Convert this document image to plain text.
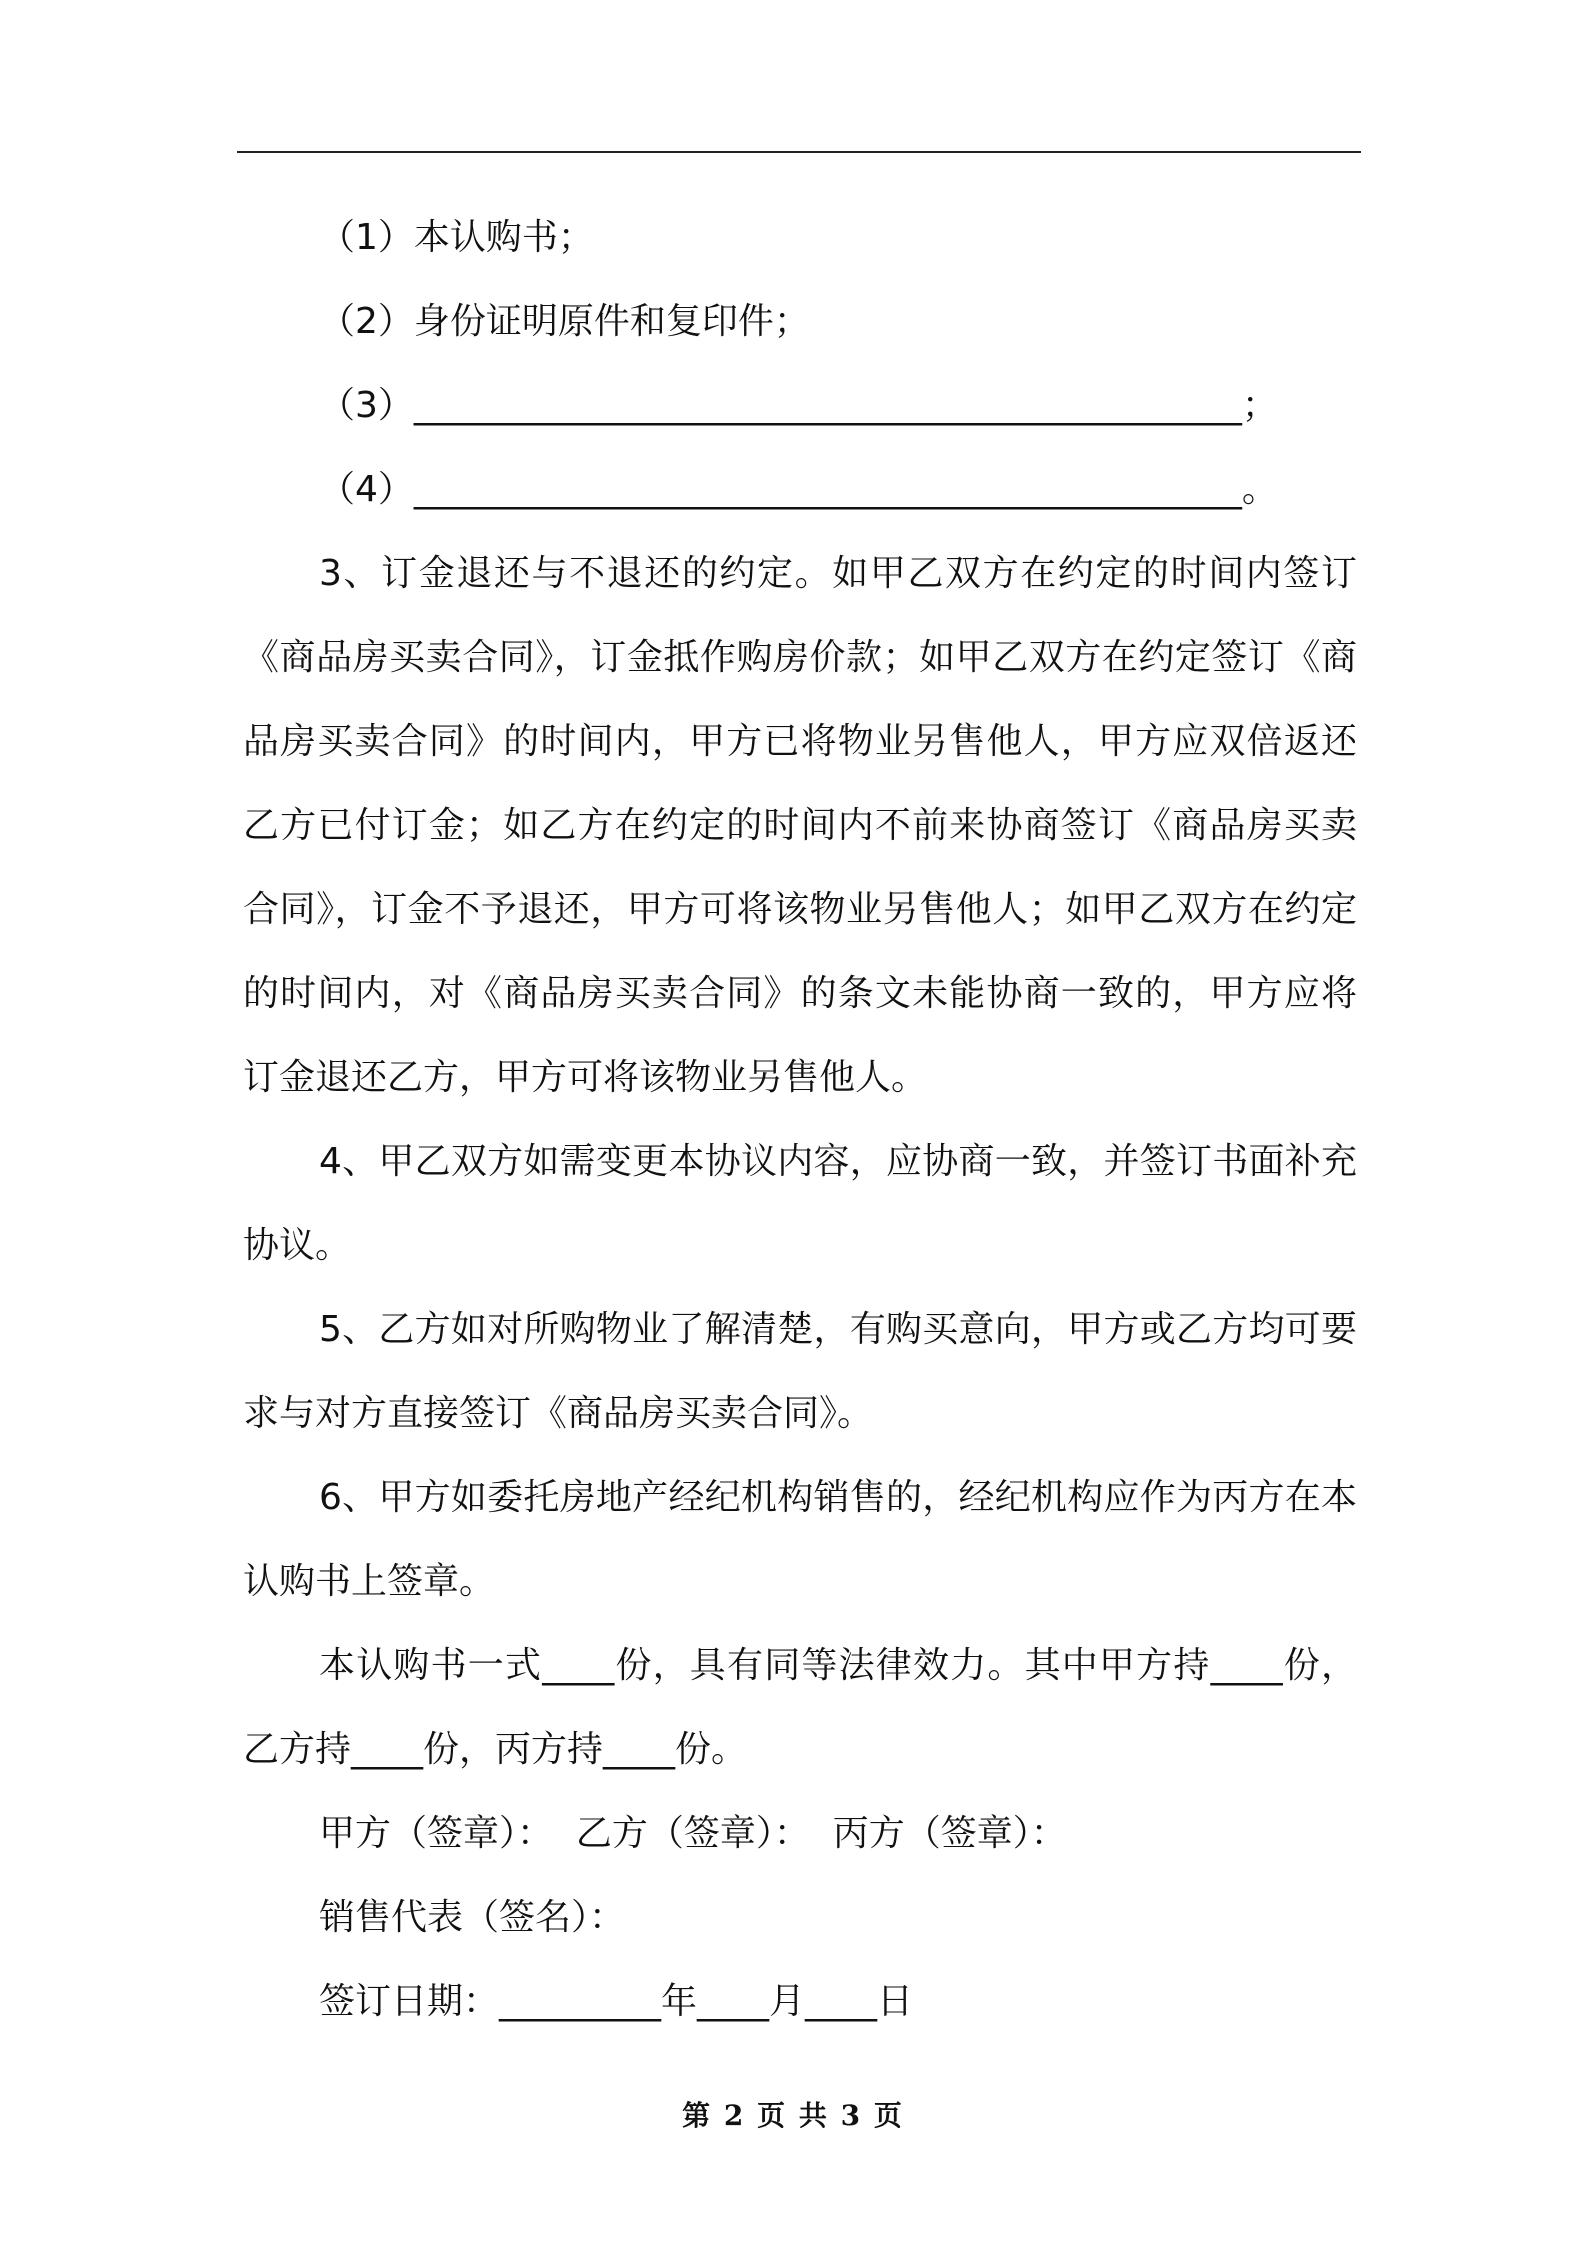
（1）本认购书；
（2）身份证明原件和复印件；
（3）______________________________________________；
（4）______________________________________________。

3、订金退还与不退还的约定。如甲乙双方在约定的时间内签订《商品房买卖合同》，订金抵作购房价款；如甲乙双方在约定签订《商品房买卖合同》的时间内，甲方已将物业另售他人，甲方应双倍返还乙方已付订金；如乙方在约定的时间内不前来协商签订《商品房买卖合同》，订金不予退还，甲方可将该物业另售他人；如甲乙双方在约定的时间内，对《商品房买卖合同》的条文未能协商一致的，甲方应将订金退还乙方，甲方可将该物业另售他人。

4、甲乙双方如需变更本协议内容，应协商一致，并签订书面补充协议。

5、乙方如对所购物业了解清楚，有购买意向，甲方或乙方均可要求与对方直接签订《商品房买卖合同》。

6、甲方如委托房地产经纪机构销售的，经纪机构应作为丙方在本认购书上签章。

本认购书一式____份，具有同等法律效力。其中甲方持____份，乙方持____份，丙方持____份。

甲方（签章）：  乙方（签章）：  丙方（签章）：
销售代表（签名）：
签订日期：_________年____月____日
第 2 页 共 3 页
